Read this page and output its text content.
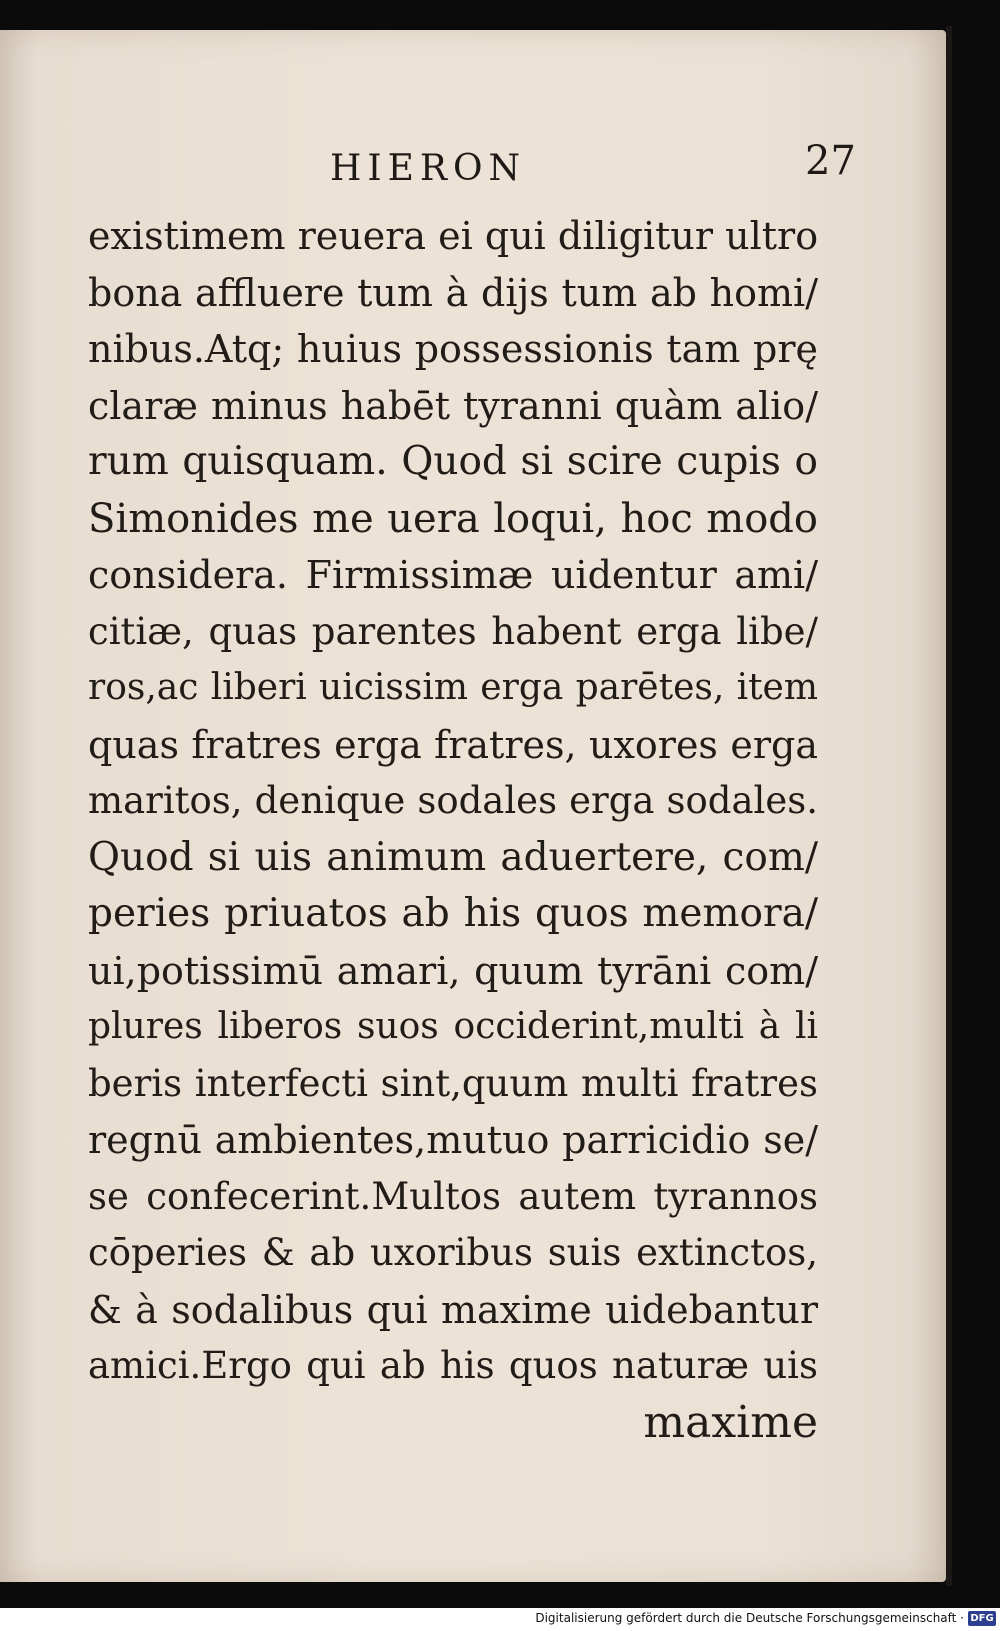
HIERON	27
existimem reuera ei qui diligitur ultro
bona affluere tum à dijs tum ab homi/
nibus.Atq; huius possessionis tam prę
claræ minus habēt tyranni quàm alio/
rum quisquam. Quod si scire cupis o
Simonides me uera loqui, hoc modo
considera. Firmissimæ uidentur ami/
citiæ, quas parentes habent erga libe/
ros,ac liberi uicissim erga parētes, item
quas fratres erga fratres, uxores erga
maritos, denique sodales erga sodales.
Quod si uis animum aduertere, com/
peries priuatos ab his quos memora/
ui,potissimū amari, quum tyrāni com/
plures liberos suos occiderint,multi à li
beris interfecti sint,quum multi fratres
regnū ambientes,mutuo parricidio se/
se confecerint.Multos autem tyrannos
cōperies & ab uxoribus suis extinctos,
& à sodalibus qui maxime uidebantur
amici.Ergo qui ab his quos naturæ uis
maxime
Digitalisierung gefördert durch die Deutsche Forschungsgemeinschaft · DFG
